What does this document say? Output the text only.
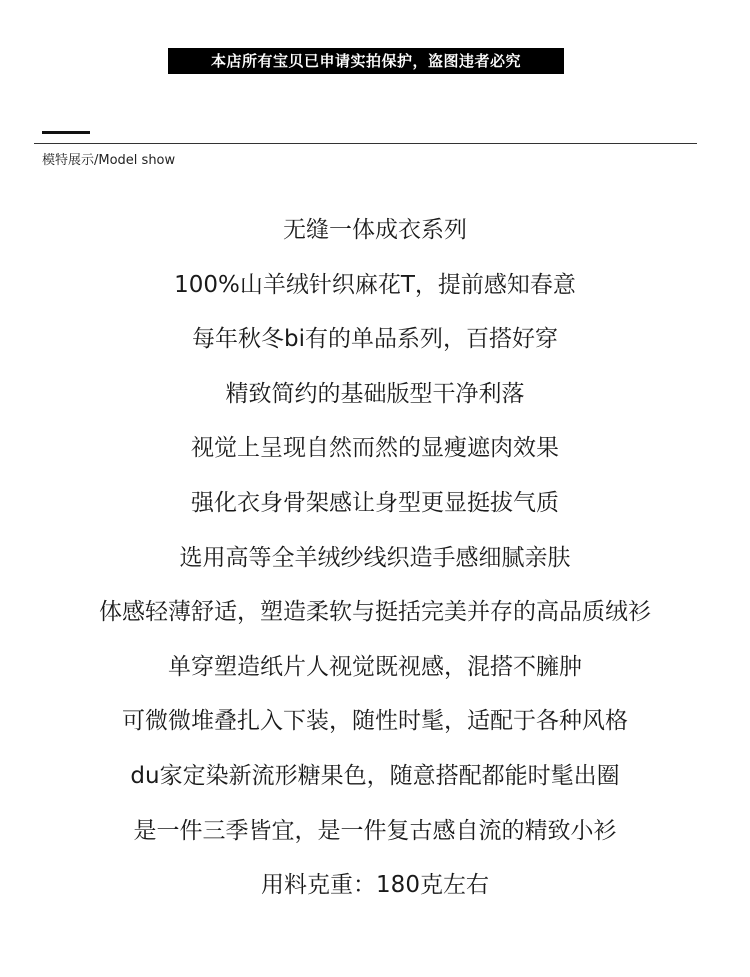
本店所有宝贝已申请实拍保护，盗图违者必究
模特展示/Model show
无缝一体成衣系列
100%山羊绒针织麻花T，提前感知春意
每年秋冬bi有的单品系列，百搭好穿
精致简约的基础版型干净利落
视觉上呈现自然而然的显瘦遮肉效果
强化衣身骨架感让身型更显挺拔气质
选用高等全羊绒纱线织造手感细腻亲肤
体感轻薄舒适，塑造柔软与挺括完美并存的高品质绒衫
单穿塑造纸片人视觉既视感，混搭不臃肿
可微微堆叠扎入下装，随性时髦，适配于各种风格
du家定染新流形糖果色，随意搭配都能时髦出圈
是一件三季皆宜，是一件复古感自流的精致小衫
用料克重：180克左右
